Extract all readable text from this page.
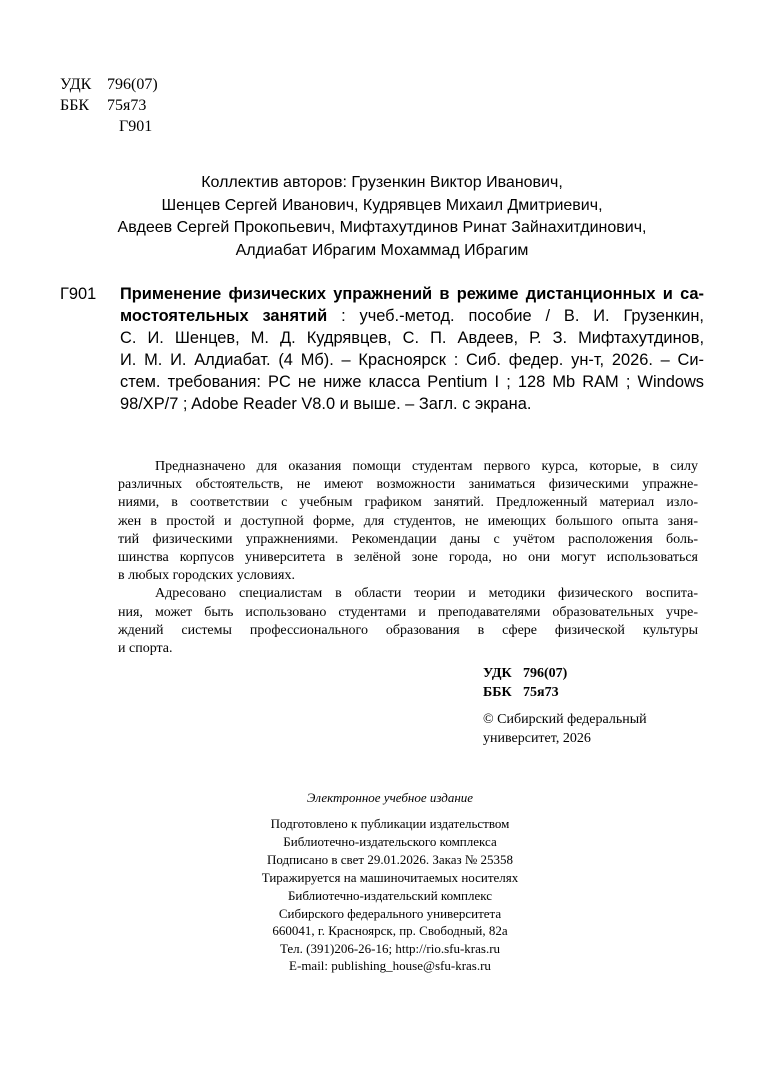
УДК 796(07)
ББК 75я73
Г901
Коллектив авторов: Грузенкин Виктор Иванович,
Шенцев Сергей Иванович, Кудрявцев Михаил Дмитриевич,
Авдеев Сергей Прокопьевич, Мифтахутдинов Ринат Зайнахитдинович,
Алдиабат Ибрагим Мохаммад Ибрагим
Г901 Применение физических упражнений в режиме дистанционных и са-
мостоятельных занятий : учеб.-метод. пособие / В. И. Грузенкин,
С. И. Шенцев, М. Д. Кудрявцев, С. П. Авдеев, Р. З. Мифтахутдинов,
И. М. И. Алдиабат. (4 Мб). – Красноярск : Сиб. федер. ун-т, 2026. – Си-
стем. требования: PC не ниже класса Pentium I ; 128 Mb RAM ; Windows
98/XP/7 ; Adobe Reader V8.0 и выше. – Загл. с экрана.
Предназначено для оказания помощи студентам первого курса, которые, в силу
различных обстоятельств, не имеют возможности заниматься физическими упражне-
ниями, в соответствии с учебным графиком занятий. Предложенный материал изло-
жен в простой и доступной форме, для студентов, не имеющих большого опыта заня-
тий физическими упражнениями. Рекомендации даны с учётом расположения боль-
шинства корпусов университета в зелёной зоне города, но они могут использоваться
в любых городских условиях.
Адресовано специалистам в области теории и методики физического воспита-
ния, может быть использовано студентами и преподавателями образовательных учре-
ждений системы профессионального образования в сфере физической культуры
и спорта.
УДК 796(07)
ББК 75я73
© Сибирский федеральный
университет, 2026
Электронное учебное издание
Подготовлено к публикации издательством
Библиотечно-издательского комплекса
Подписано в свет 29.01.2026. Заказ № 25358
Тиражируется на машиночитаемых носителях
Библиотечно-издательский комплекс
Сибирского федерального университета
660041, г. Красноярск, пр. Свободный, 82а
Тел. (391)206-26-16; http://rio.sfu-kras.ru
E-mail: publishing_house@sfu-kras.ru
